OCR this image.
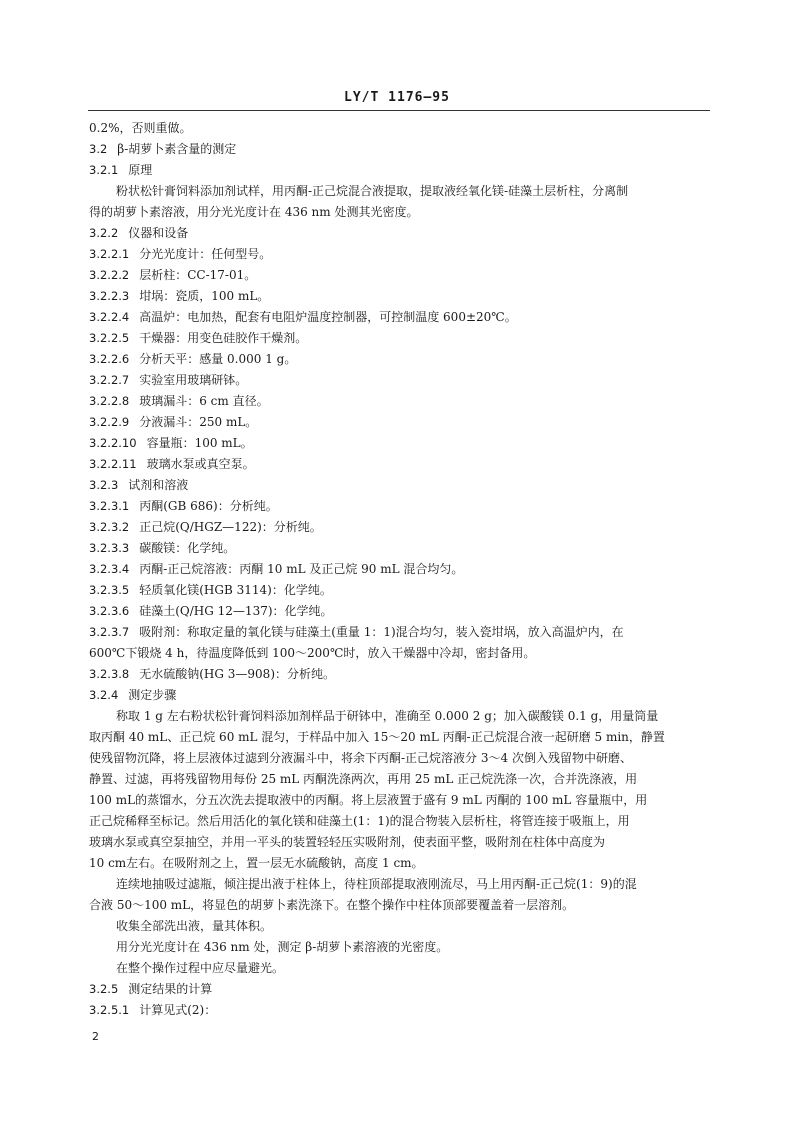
LY/T 1176—95
0.2%，否则重做。
3.2 β-胡萝卜素含量的测定
3.2.1 原理
粉状松针膏饲料添加剂试样，用丙酮-正己烷混合液提取，提取液经氧化镁-硅藻土层析柱，分离制
得的胡萝卜素溶液，用分光光度计在 436 nm 处测其光密度。
3.2.2 仪器和设备
3.2.2.1 分光光度计：任何型号。
3.2.2.2 层析柱：CC-17-01。
3.2.2.3 坩埚：瓷质，100 mL。
3.2.2.4 高温炉：电加热，配套有电阻炉温度控制器，可控制温度 600±20℃。
3.2.2.5 干燥器：用变色硅胶作干燥剂。
3.2.2.6 分析天平：感量 0.000 1 g。
3.2.2.7 实验室用玻璃研钵。
3.2.2.8 玻璃漏斗：6 cm 直径。
3.2.2.9 分液漏斗：250 mL。
3.2.2.10 容量瓶：100 mL。
3.2.2.11 玻璃水泵或真空泵。
3.2.3 试剂和溶液
3.2.3.1 丙酮(GB 686)：分析纯。
3.2.3.2 正己烷(Q/HGZ—122)：分析纯。
3.2.3.3 碳酸镁：化学纯。
3.2.3.4 丙酮-正己烷溶液：丙酮 10 mL 及正己烷 90 mL 混合均匀。
3.2.3.5 轻质氧化镁(HGB 3114)：化学纯。
3.2.3.6 硅藻土(Q/HG 12—137)：化学纯。
3.2.3.7 吸附剂：称取定量的氧化镁与硅藻土(重量 1：1)混合均匀，装入瓷坩埚，放入高温炉内，在
600℃下锻烧 4 h，待温度降低到 100～200℃时，放入干燥器中冷却，密封备用。
3.2.3.8 无水硫酸钠(HG 3—908)：分析纯。
3.2.4 测定步骤
称取 1 g 左右粉状松针膏饲料添加剂样品于研钵中，准确至 0.000 2 g；加入碳酸镁 0.1 g，用量筒量
取丙酮 40 mL、正己烷 60 mL 混匀，于样品中加入 15～20 mL 丙酮-正己烷混合液一起研磨 5 min，静置
使残留物沉降，将上层液体过滤到分液漏斗中，将余下丙酮-正己烷溶液分 3～4 次倒入残留物中研磨、
静置、过滤，再将残留物用每份 25 mL 丙酮洗涤两次，再用 25 mL 正己烷洗涤一次，合并洗涤液，用
100 mL的蒸馏水，分五次洗去提取液中的丙酮。将上层液置于盛有 9 mL 丙酮的 100 mL 容量瓶中，用
正己烷稀释至标记。然后用活化的氧化镁和硅藻土(1：1)的混合物装入层析柱，将管连接于吸瓶上，用
玻璃水泵或真空泵抽空，并用一平头的装置轻轻压实吸附剂，使表面平整，吸附剂在柱体中高度为
10 cm左右。在吸附剂之上，置一层无水硫酸钠，高度 1 cm。
连续地抽吸过滤瓶，倾注提出液于柱体上，待柱顶部提取液刚流尽，马上用丙酮-正己烷(1：9)的混
合液 50～100 mL，将显色的胡萝卜素洗涤下。在整个操作中柱体顶部要覆盖着一层溶剂。
收集全部洗出液，量其体积。
用分光光度计在 436 nm 处，测定 β-胡萝卜素溶液的光密度。
在整个操作过程中应尽量避光。
3.2.5 测定结果的计算
3.2.5.1 计算见式(2)：
2
